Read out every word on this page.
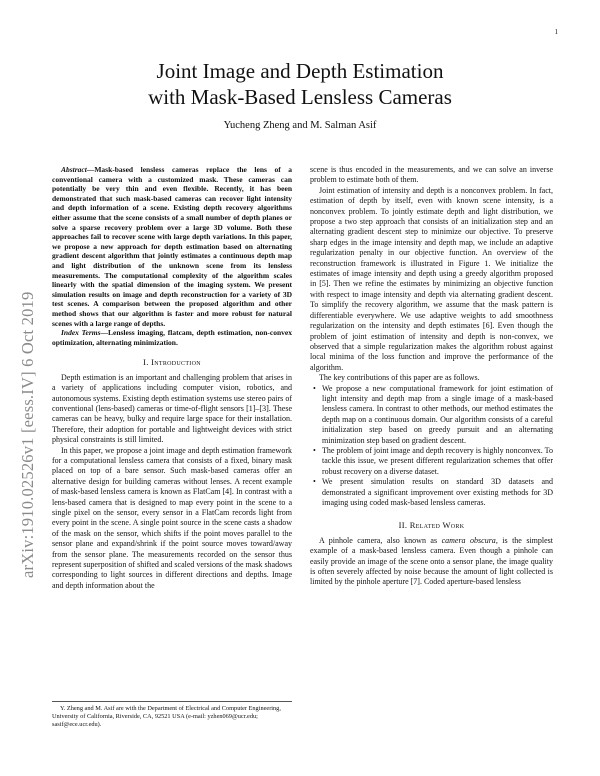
1
arXiv:1910.02526v1 [eess.IV] 6 Oct 2019
Joint Image and Depth Estimation
with Mask-Based Lensless Cameras
Yucheng Zheng and M. Salman Asif

Abstract—Mask-based lensless cameras replace the lens of a conventional camera with a customized mask. These cameras can potentially be very thin and even flexible. Recently, it has been demonstrated that such mask-based cameras can recover light intensity and depth information of a scene. Existing depth recovery algorithms either assume that the scene consists of a small number of depth planes or solve a sparse recovery problem over a large 3D volume. Both these approaches fail to recover scene with large depth variations. In this paper, we propose a new approach for depth estimation based on alternating gradient descent algorithm that jointly estimates a continuous depth map and light distribution of the unknown scene from its lensless measurements. The computational complexity of the algorithm scales linearly with the spatial dimension of the imaging system. We present simulation results on image and depth reconstruction for a variety of 3D test scenes. A comparison between the proposed algorithm and other method shows that our algorithm is faster and more robust for natural scenes with a large range of depths.

Index Terms—Lensless imaging, flatcam, depth estimation, non-convex optimization, alternating minimization.

I. Introduction

Depth estimation is an important and challenging problem that arises in a variety of applications including computer vision, robotics, and autonomous systems. Existing depth estimation systems use stereo pairs of conventional (lens-based) cameras or time-of-flight sensors [1]–[3]. These cameras can be heavy, bulky and require large space for their installation. Therefore, their adoption for portable and lightweight devices with strict physical constraints is still limited.

In this paper, we propose a joint image and depth estimation framework for a computational lensless camera that consists of a fixed, binary mask placed on top of a bare sensor. Such mask-based cameras offer an alternative design for building cameras without lenses. A recent example of mask-based lensless camera is known as FlatCam [4]. In contrast with a lens-based camera that is designed to map every point in the scene to a single pixel on the sensor, every sensor in a FlatCam records light from every point in the scene. A single point source in the scene casts a shadow of the mask on the sensor, which shifts if the point moves parallel to the sensor plane and expand/shrink if the point source moves toward/away from the sensor plane. The measurements recorded on the sensor thus represent superposition of shifted and scaled versions of the mask shadows corresponding to light sources in different directions and depths. Image and depth information about the

scene is thus encoded in the measurements, and we can solve an inverse problem to estimate both of them.

Joint estimation of intensity and depth is a nonconvex problem. In fact, estimation of depth by itself, even with known scene intensity, is a nonconvex problem. To jointly estimate depth and light distribution, we propose a two step approach that consists of an initialization step and an alternating gradient descent step to minimize our objective. To preserve sharp edges in the image intensity and depth map, we include an adaptive regularization penalty in our objective function. An overview of the reconstruction framework is illustrated in Figure 1. We initialize the estimates of image intensity and depth using a greedy algorithm proposed in [5]. Then we refine the estimates by minimizing an objective function with respect to image intensity and depth via alternating gradient descent. To simplify the recovery algorithm, we assume that the mask pattern is differentiable everywhere. We use adaptive weights to add smoothness regularization on the intensity and depth estimates [6]. Even though the problem of joint estimation of intensity and depth is non-convex, we observed that a simple regularization makes the algorithm robust against local minima of the loss function and improve the performance of the algorithm.

The key contributions of this paper are as follows.

• We propose a new computational framework for joint estimation of light intensity and depth map from a single image of a mask-based lensless camera. In contrast to other methods, our method estimates the depth map on a continuous domain. Our algorithm consists of a careful initialization step based on greedy pursuit and an alternating minimization step based on gradient descent.
• The problem of joint image and depth recovery is highly nonconvex. To tackle this issue, we present different regularization schemes that offer robust recovery on a diverse dataset.
• We present simulation results on standard 3D datasets and demonstrated a significant improvement over existing methods for 3D imaging using coded mask-based lensless cameras.
II. Related Work

A pinhole camera, also known as camera obscura, is the simplest example of a mask-based lensless camera. Even though a pinhole can easily provide an image of the scene onto a sensor plane, the image quality is often severely affected by noise because the amount of light collected is limited by the pinhole aperture [7]. Coded aperture-based lensless

Y. Zheng and M. Asif are with the Department of Electrical and Computer Engineering, University of California, Riverside, CA, 92521 USA (e-mail: yzhen069@ucr.edu; sasif@ece.ucr.edu).
